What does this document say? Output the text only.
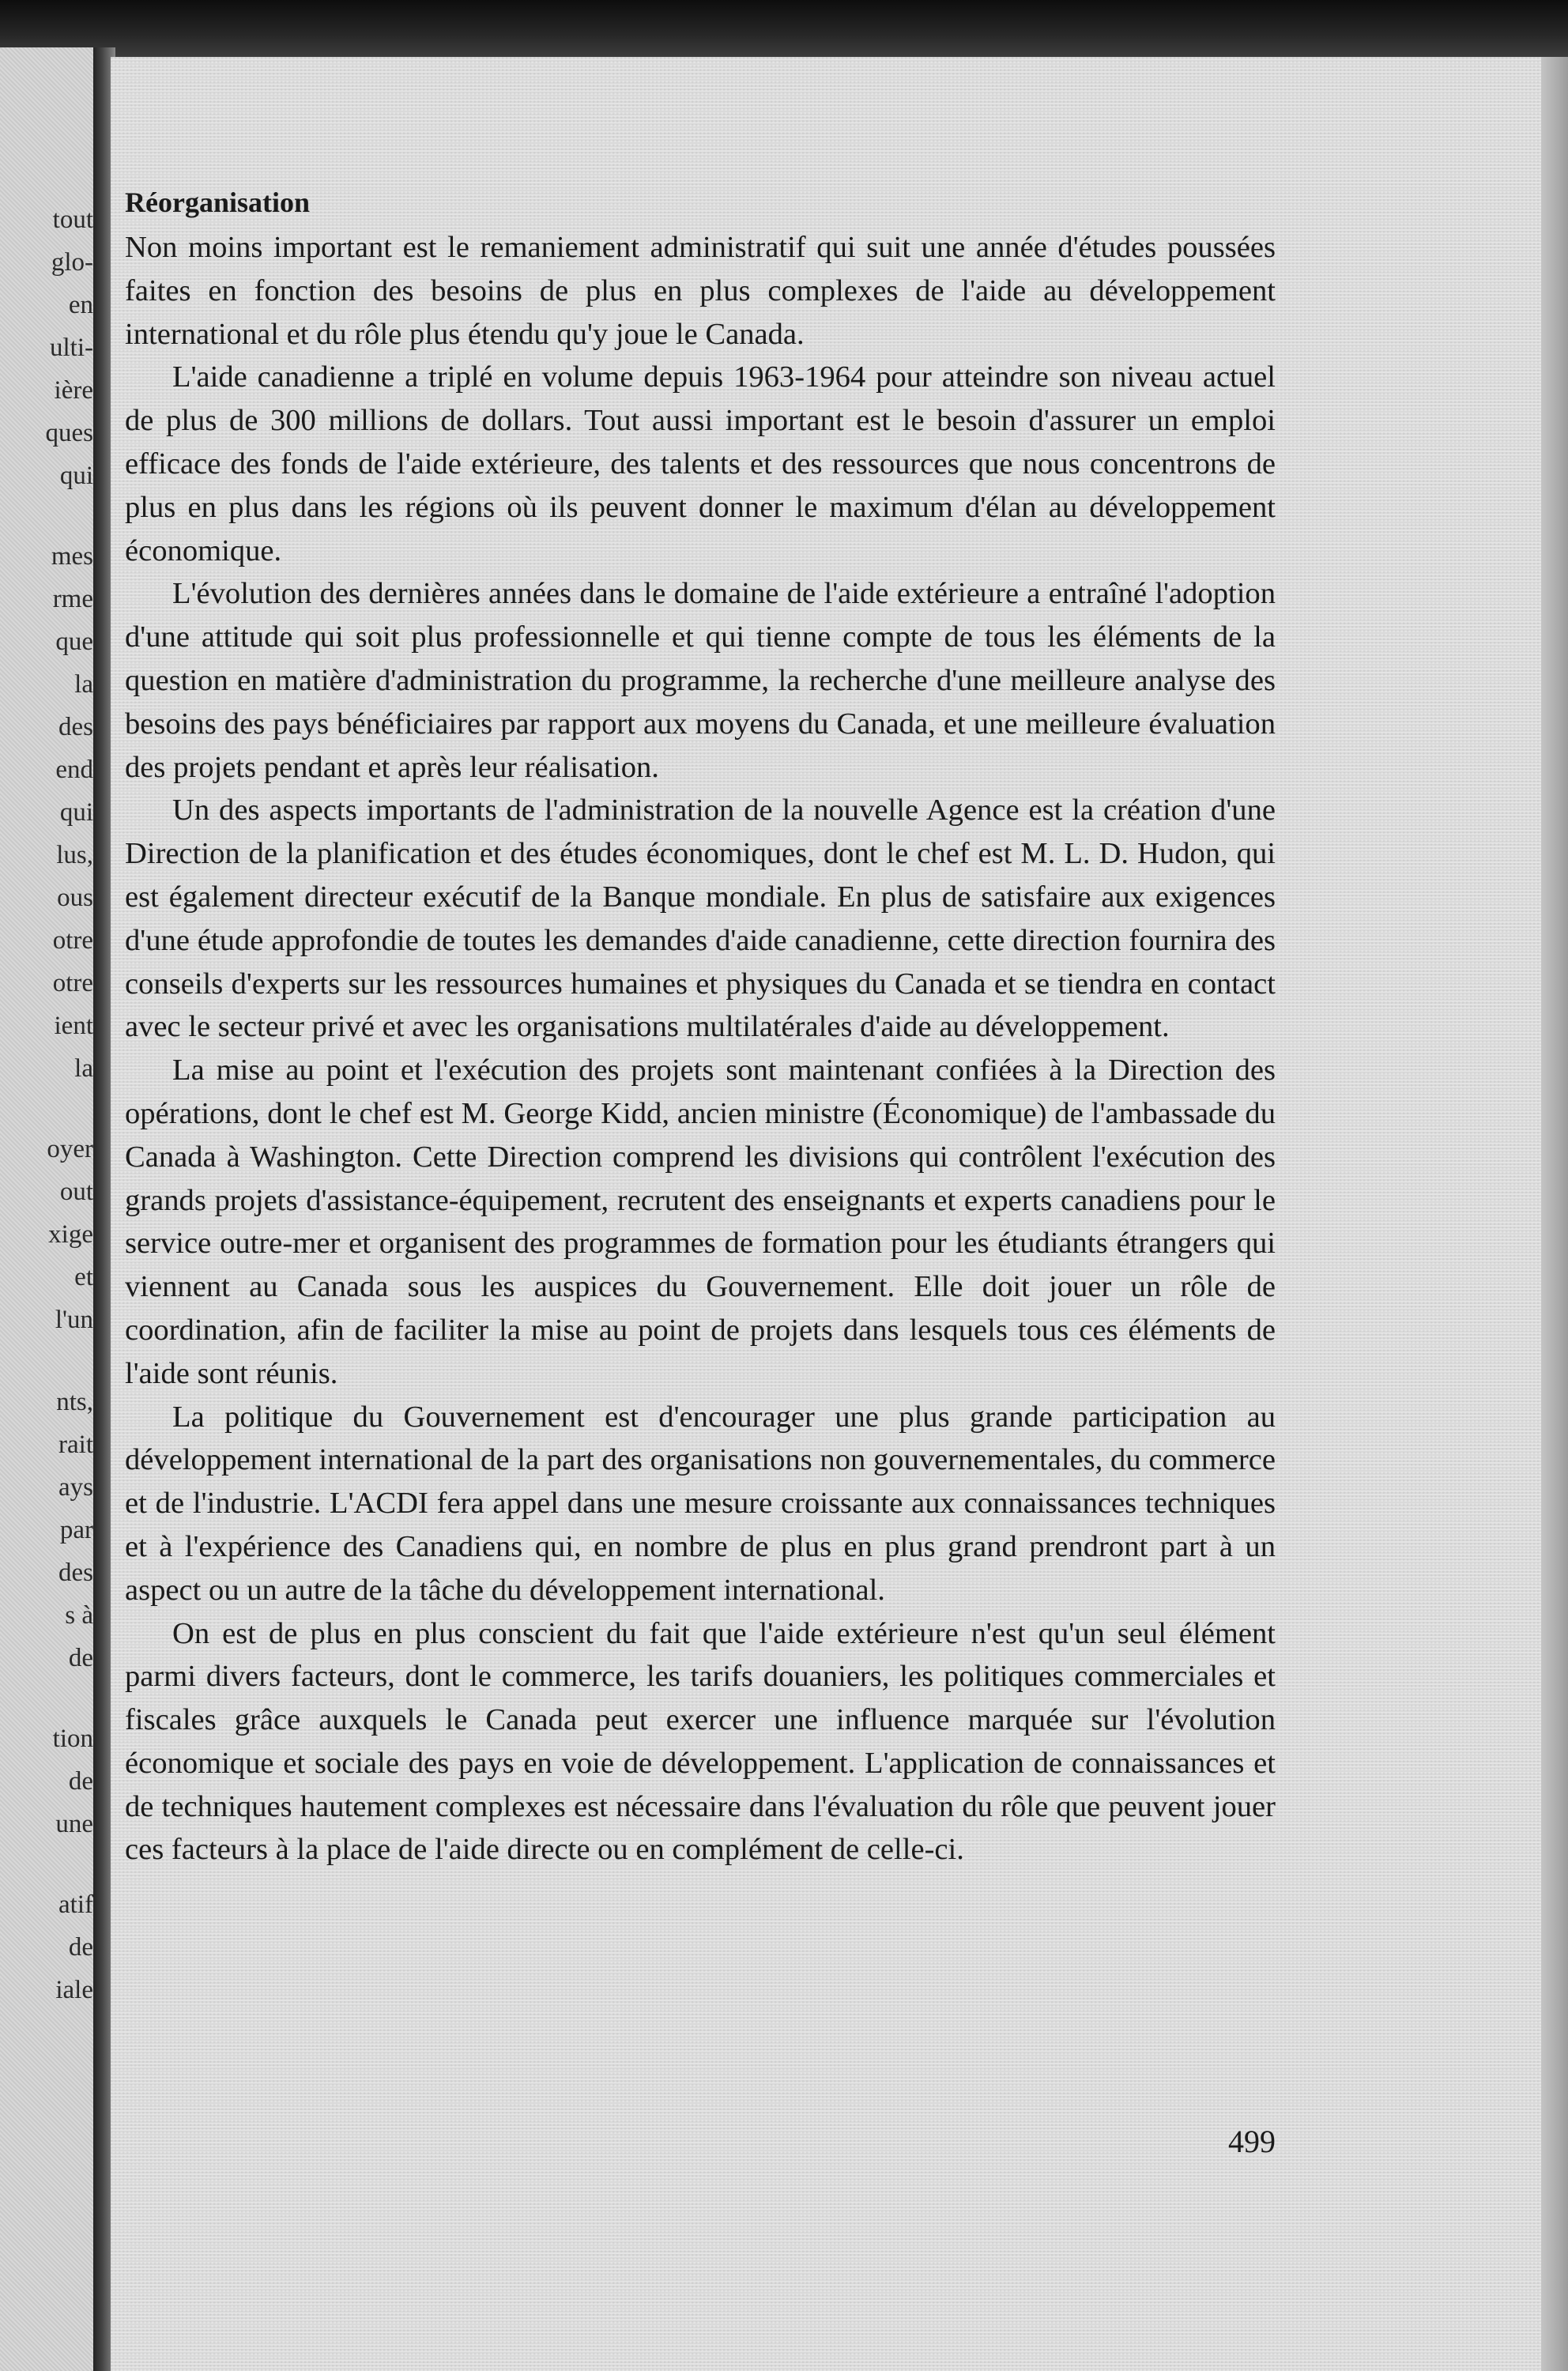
tout
glo-
en
ulti-
ière
ques
qui
mes
rme
que
la
des
end
qui
lus,
ous
otre
otre
ient
la
oyer
out
xige
et
l'un
nts,
rait
ays
par
des
s à
de
tion
de
une
atif
de
iale
Réorganisation

Non moins important est le remaniement administratif qui suit une année d'études poussées faites en fonction des besoins de plus en plus complexes de l'aide au développement international et du rôle plus étendu qu'y joue le Canada.

L'aide canadienne a triplé en volume depuis 1963-1964 pour atteindre son niveau actuel de plus de 300 millions de dollars. Tout aussi important est le besoin d'assurer un emploi efficace des fonds de l'aide extérieure, des talents et des ressources que nous concentrons de plus en plus dans les régions où ils peuvent donner le maximum d'élan au développement économique.

L'évolution des dernières années dans le domaine de l'aide extérieure a entraîné l'adoption d'une attitude qui soit plus professionnelle et qui tienne compte de tous les éléments de la question en matière d'administration du programme, la recherche d'une meilleure analyse des besoins des pays bénéficiaires par rapport aux moyens du Canada, et une meilleure évaluation des projets pendant et après leur réalisation.

Un des aspects importants de l'administration de la nouvelle Agence est la création d'une Direction de la planification et des études économiques, dont le chef est M. L. D. Hudon, qui est également directeur exécutif de la Banque mondiale. En plus de satisfaire aux exigences d'une étude approfondie de toutes les demandes d'aide canadienne, cette direction fournira des conseils d'experts sur les ressources humaines et physiques du Canada et se tiendra en contact avec le secteur privé et avec les organisations multilatérales d'aide au développement.

La mise au point et l'exécution des projets sont maintenant confiées à la Direction des opérations, dont le chef est M. George Kidd, ancien ministre (Économique) de l'ambassade du Canada à Washington. Cette Direction comprend les divisions qui contrôlent l'exécution des grands projets d'assistance-équipement, recrutent des enseignants et experts canadiens pour le service outre-mer et organisent des programmes de formation pour les étudiants étrangers qui viennent au Canada sous les auspices du Gouvernement. Elle doit jouer un rôle de coordination, afin de faciliter la mise au point de projets dans lesquels tous ces éléments de l'aide sont réunis.

La politique du Gouvernement est d'encourager une plus grande participation au développement international de la part des organisations non gouvernementales, du commerce et de l'industrie. L'ACDI fera appel dans une mesure croissante aux connaissances techniques et à l'expérience des Canadiens qui, en nombre de plus en plus grand prendront part à un aspect ou un autre de la tâche du développement international.

On est de plus en plus conscient du fait que l'aide extérieure n'est qu'un seul élément parmi divers facteurs, dont le commerce, les tarifs douaniers, les politiques commerciales et fiscales grâce auxquels le Canada peut exercer une influence marquée sur l'évolution économique et sociale des pays en voie de développement. L'application de connaissances et de techniques hautement complexes est nécessaire dans l'évaluation du rôle que peuvent jouer ces facteurs à la place de l'aide directe ou en complément de celle-ci.

499
